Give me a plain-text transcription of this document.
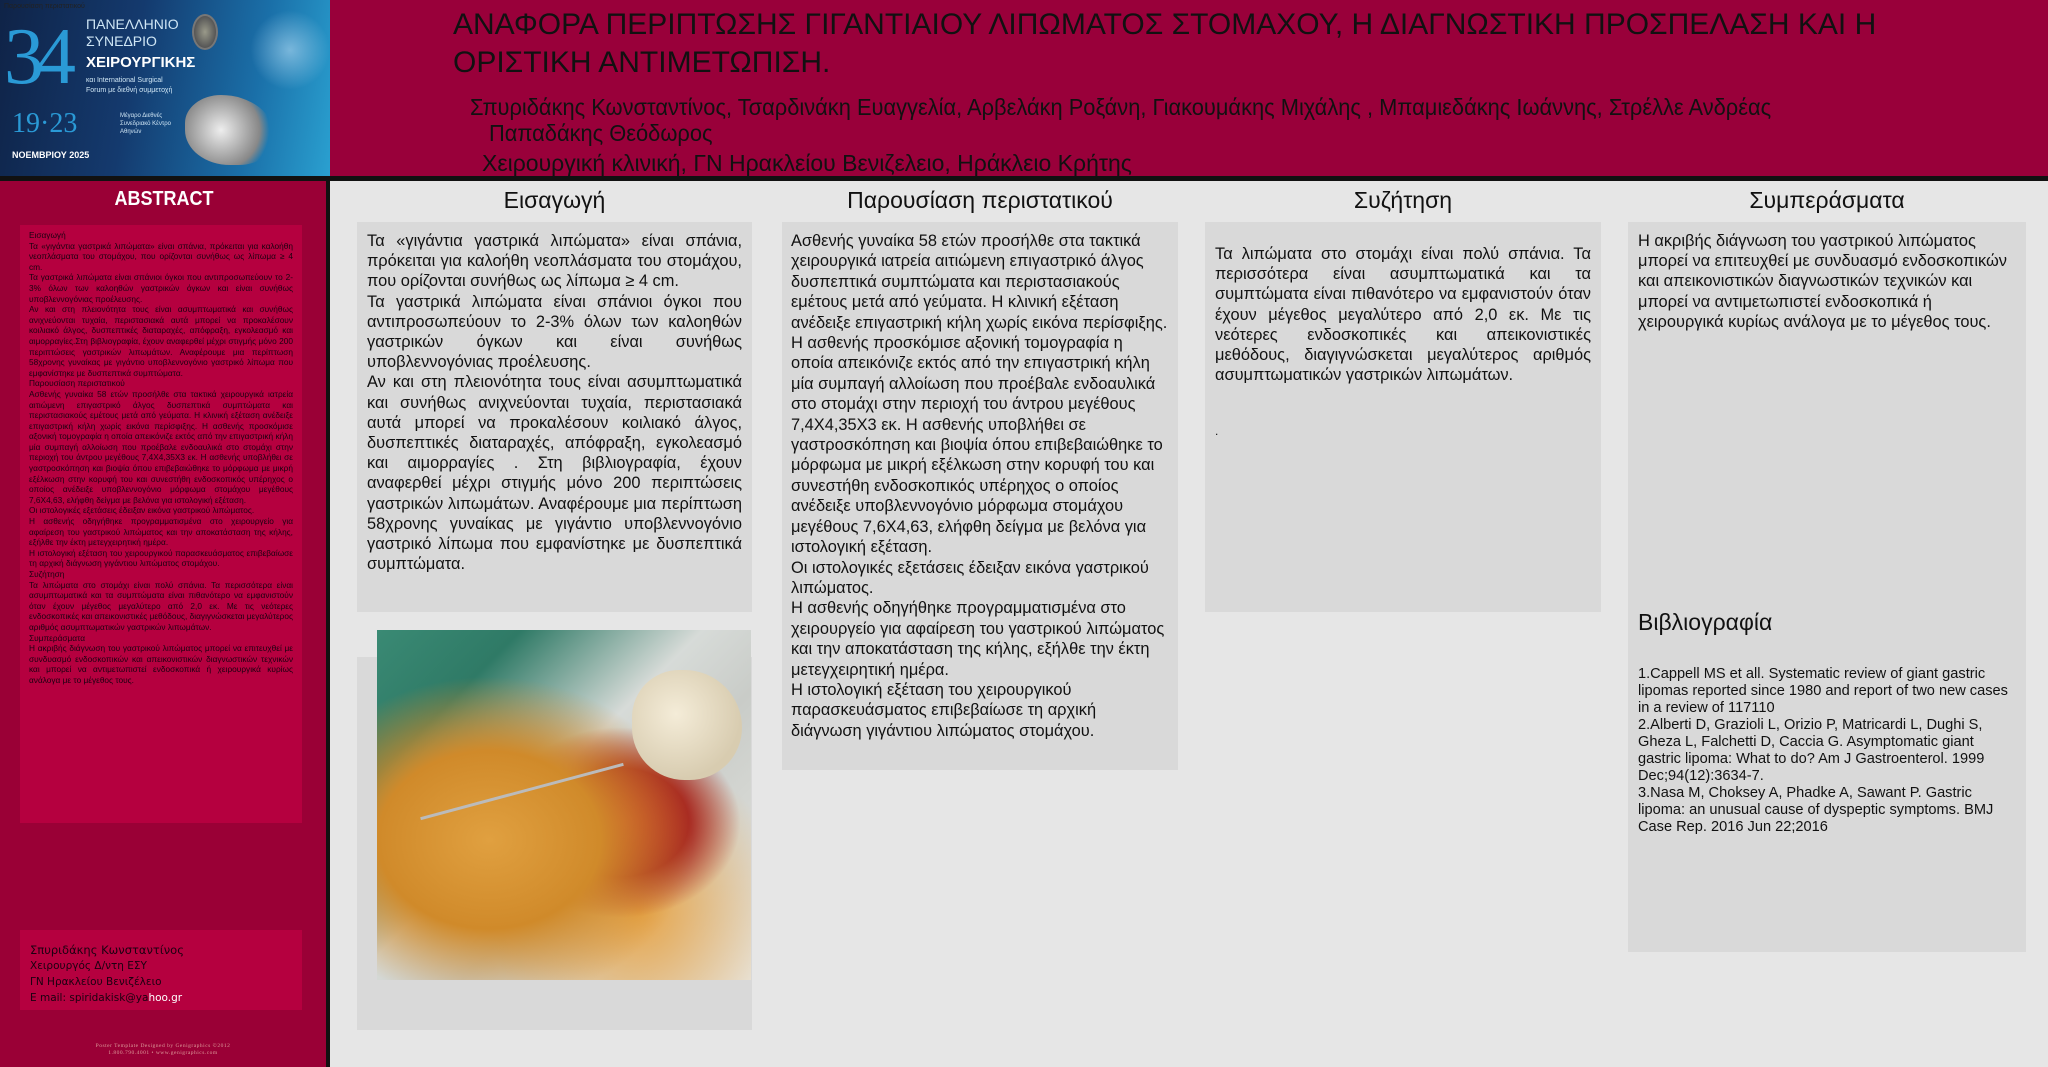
Παρουσίαση περιστατικού
34 ΠΑΝΕΛΛΗΝΙΟ ΣΥΝΕΔΡΙΟ
ΧΕΙΡΟΥΡΓΙΚΗΣ
και International Surgical Forum με διεθνή συμμετοχή
19·23
ΝΟΕΜΒΡΙΟΥ 2025
Μέγαρο Διεθνές Συνεδριακό Κέντρο Αθηνών
ΑΝΑΦΟΡΑ ΠΕΡΙΠΤΩΣΗΣ ΓΙΓΑΝΤΙΑΙΟΥ ΛΙΠΩΜΑΤΟΣ ΣΤΟΜΑΧΟΥ, Η ΔΙΑΓΝΩΣΤΙΚΗ ΠΡΟΣΠΕΛΑΣΗ ΚΑΙ Η ΟΡΙΣΤΙΚΗ ΑΝΤΙΜΕΤΩΠΙΣΗ.
Σπυριδάκης Κωνσταντίνος, Τσαρδινάκη Ευαγγελία, Αρβελάκη Ροξάνη, Γιακουμάκης Μιχάλης , Μπαμιεδάκης Ιωάννης, Στρέλλε Ανδρέας
Παπαδάκης Θεόδωρος
Χειρουργική κλινική, ΓΝ Ηρακλείου Βενιζελειο, Ηράκλειο Κρήτης
ABSTRACT

Εισαγωγή

Τα «γιγάντια γαστρικά λιπώματα» είναι σπάνια, πρόκειται για καλοήθη νεοπλάσματα του στομάχου, που ορίζονται συνήθως ως λίπωμα ≥ 4 cm.

Τα γαστρικά λιπώματα είναι σπάνιοι όγκοι που αντιπροσωπεύουν το 2-3% όλων των καλοηθών γαστρικών όγκων και είναι συνήθως υποβλεννογόνιας προέλευσης.

Αν και στη πλειονότητα τους είναι ασυμπτωματικά και συνήθως ανιχνεύονται τυχαία, περιστασιακά αυτά μπορεί να προκαλέσουν κοιλιακό άλγος, δυσπεπτικές διαταραχές, απόφραξη, εγκολεασμό και αιμορραγίες.Στη βιβλιογραφία, έχουν αναφερθεί μέχρι στιγμής μόνο 200 περιπτώσεις γαστρικών λιπωμάτων. Αναφέρουμε μια περίπτωση 58χρονης γυναίκας με γιγάντιο υποβλεννογόνιο γαστρικό λίπωμα που εμφανίστηκε με δυσπεπτικά συμπτώματα.

Παρουσίαση περιστατικού

Ασθενής γυναίκα 58 ετών προσήλθε στα τακτικά χειρουργικά ιατρεία αιτιώμενη επιγαστρικό άλγος δυσπεπτικά συμπτώματα και περιστασιακούς εμέτους μετά από γεύματα. Η κλινική εξέταση ανέδειξε επιγαστρική κήλη χωρίς εικόνα περίσφιξης. Η ασθενής προσκόμισε αξονική τομογραφία η οποία απεικόνιζε εκτός από την επιγαστρική κήλη μία συμπαγή αλλοίωση που προέβαλε ενδοαυλικά στο στομάχι στην περιοχή του άντρου μεγέθους 7,4Χ4,35Χ3 εκ. Η ασθενής υποβλήθει σε γαστροσκόπηση και βιοψία όπου επιβεβαιώθηκε το μόρφωμα με μικρή εξέλκωση στην κορυφή του και συνεστήθη ενδοσκοπικός υπέρηχος ο οποίος ανέδειξε υποβλεννογόνιο μόρφωμα στομάχου μεγέθους 7,6Χ4,63, ελήφθη δείγμα με βελόνα για ιστολογική εξέταση.

Οι ιστολογικές εξετάσεις έδειξαν εικόνα γαστρικού λιπώματος.

Η ασθενής οδηγήθηκε προγραμματισμένα στο χειρουργείο για αφαίρεση του γαστρικού λιπώματος και την αποκατάσταση της κήλης, εξήλθε την έκτη μετεγχειρητική ημέρα.

Η ιστολογική εξέταση του χειρουργικού παρασκευάσματος επιβεβαίωσε τη αρχική διάγνωση γιγάντιου λιπώματος στομάχου.

Συζήτηση

Τα λιπώματα στο στομάχι είναι πολύ σπάνια. Τα περισσότερα είναι ασυμπτωματικά και τα συμπτώματα είναι πιθανότερο να εμφανιστούν όταν έχουν μέγεθος μεγαλύτερο από 2,0 εκ. Με τις νεότερες ενδοσκοπικές και απεικονιστικές μεθόδους, διαγιγνώσκεται μεγαλύτερος αριθμός ασυμπτωματικών γαστρικών λιπωμάτων.

Συμπεράσματα

Η ακριβής διάγνωση του γαστρικού λιπώματος μπορεί να επιτευχθεί με συνδυασμό ενδοσκοπικών και απεικονιστικών διαγνωστικών τεχνικών και μπορεί να αντιμετωπιστεί ενδοσκοπικά ή χειρουργικά κυρίως ανάλογα με το μέγεθος τους.

Σπυριδάκης Κωνσταντίνος
Χειρουργός Δ/ντη ΕΣΥ
ΓΝ Ηρακλείου Βενιζέλειο
E mail: spiridakisk@yahoo.gr
Poster Template Designed by Genigraphics ©2012
1.800.790.4001 • www.genigraphics.com
Εισαγωγή

Τα «γιγάντια γαστρικά λιπώματα» είναι σπάνια, πρόκειται για καλοήθη νεοπλάσματα του στομάχου, που ορίζονται συνήθως ως λίπωμα ≥ 4 cm.

Τα γαστρικά λιπώματα είναι σπάνιοι όγκοι που αντιπροσωπεύουν το 2-3% όλων των καλοηθών γαστρικών όγκων και είναι συνήθως υποβλεννογόνιας προέλευσης.

Αν και στη πλειονότητα τους είναι ασυμπτωματικά και συνήθως ανιχνεύονται τυχαία, περιστασιακά αυτά μπορεί να προκαλέσουν κοιλιακό άλγος, δυσπεπτικές διαταραχές, απόφραξη, εγκολεασμό και αιμορραγίες . Στη βιβλιογραφία, έχουν αναφερθεί μέχρι στιγμής μόνο 200 περιπτώσεις γαστρικών λιπωμάτων. Αναφέρουμε μια περίπτωση 58χρονης γυναίκας με γιγάντιο υποβλεννογόνιο γαστρικό λίπωμα που εμφανίστηκε με δυσπεπτικά συμπτώματα.

Παρουσίαση περιστατικού

Ασθενής γυναίκα 58 ετών προσήλθε στα τακτικά χειρουργικά ιατρεία αιτιώμενη επιγαστρικό άλγος δυσπεπτικά συμπτώματα και περιστασιακούς εμέτους μετά από γεύματα. Η κλινική εξέταση ανέδειξε επιγαστρική κήλη χωρίς εικόνα περίσφιξης. Η ασθενής προσκόμισε αξονική τομογραφία η οποία απεικόνιζε εκτός από την επιγαστρική κήλη μία συμπαγή αλλοίωση που προέβαλε ενδοαυλικά στο στομάχι στην περιοχή του άντρου μεγέθους 7,4Χ4,35Χ3 εκ. Η ασθενής υποβλήθει σε γαστροσκόπηση και βιοψία όπου επιβεβαιώθηκε το μόρφωμα με μικρή εξέλκωση στην κορυφή του και συνεστήθη ενδοσκοπικός υπέρηχος ο οποίος ανέδειξε υποβλεννογόνιο μόρφωμα στομάχου μεγέθους 7,6Χ4,63, ελήφθη δείγμα με βελόνα για ιστολογική εξέταση.

Οι ιστολογικές εξετάσεις έδειξαν εικόνα γαστρικού λιπώματος.

Η ασθενής οδηγήθηκε προγραμματισμένα στο χειρουργείο για αφαίρεση του γαστρικού λιπώματος και την αποκατάσταση της κήλης, εξήλθε την έκτη μετεγχειρητική ημέρα.

Η ιστολογική εξέταση του χειρουργικού παρασκευάσματος επιβεβαίωσε τη αρχική διάγνωση γιγάντιου λιπώματος στομάχου.

Συζήτηση

Τα λιπώματα στο στομάχι είναι πολύ σπάνια. Τα περισσότερα είναι ασυμπτωματικά και τα συμπτώματα είναι πιθανότερο να εμφανιστούν όταν έχουν μέγεθος μεγαλύτερο από 2,0 εκ. Με τις νεότερες ενδοσκοπικές και απεικονιστικές μεθόδους, διαγιγνώσκεται μεγαλύτερος αριθμός ασυμπτωματικών γαστρικών λιπωμάτων.

.
Συμπεράσματα

Η ακριβής διάγνωση του γαστρικού λιπώματος μπορεί να επιτευχθεί με συνδυασμό ενδοσκοπικών και απεικονιστικών διαγνωστικών τεχνικών και μπορεί να αντιμετωπιστεί ενδοσκοπικά ή χειρουργικά κυρίως ανάλογα με το μέγεθος τους.

Βιβλιογραφία

1.Cappell MS et all. Systematic review of giant gastric lipomas reported since 1980 and report of two new cases in a review of 117110

2.Alberti D, Grazioli L, Orizio P, Matricardi L, Dughi S, Gheza L, Falchetti D, Caccia G. Asymptomatic giant gastric lipoma: What to do? Am J Gastroenterol. 1999 Dec;94(12):3634-7.

3.Nasa M, Choksey A, Phadke A, Sawant P. Gastric lipoma: an unusual cause of dyspeptic symptoms. BMJ Case Rep. 2016 Jun 22;2016
